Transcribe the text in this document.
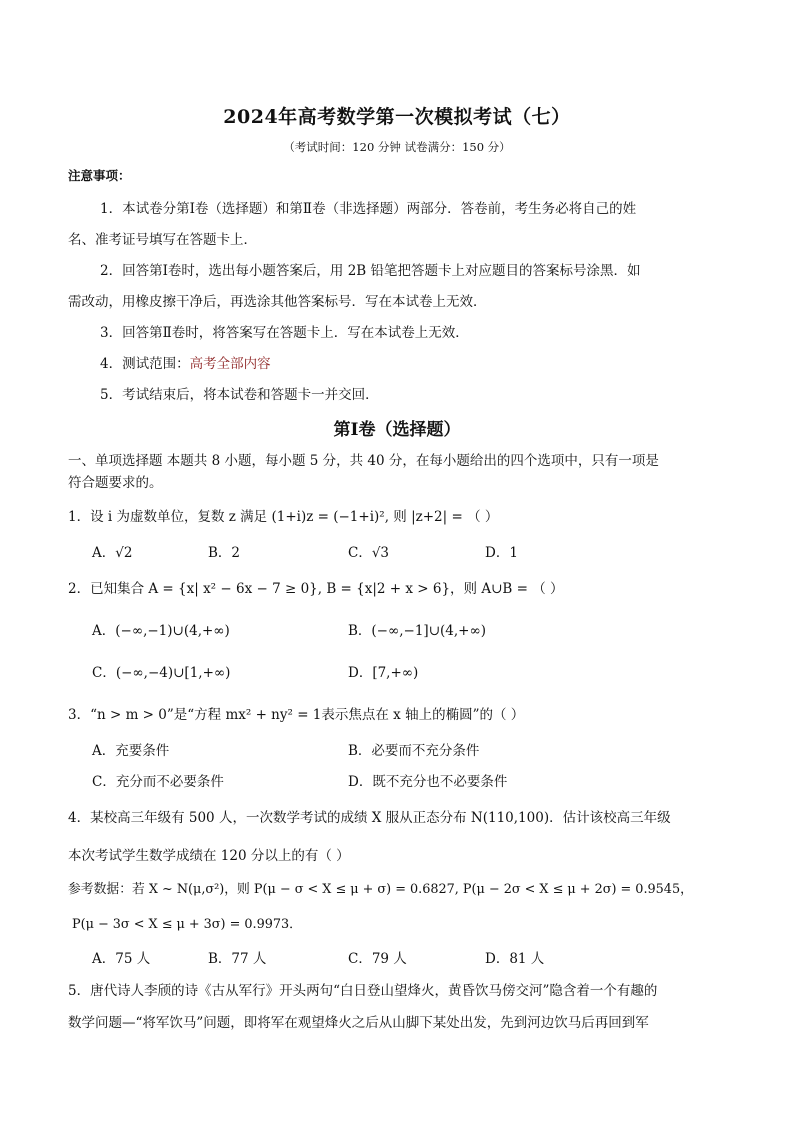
2024年高考数学第一次模拟考试（七）
（考试时间：120 分钟 试卷满分：150 分）
注意事项：
1．本试卷分第Ⅰ卷（选择题）和第Ⅱ卷（非选择题）两部分．答卷前，考生务必将自己的姓
名、准考证号填写在答题卡上．
2．回答第Ⅰ卷时，选出每小题答案后，用 2B 铅笔把答题卡上对应题目的答案标号涂黑．如
需改动，用橡皮擦干净后，再选涂其他答案标号．写在本试卷上无效．
3．回答第Ⅱ卷时，将答案写在答题卡上．写在本试卷上无效．
4．测试范围：高考全部内容
5．考试结束后，将本试卷和答题卡一并交回．
第Ⅰ卷（选择题）
一、单项选择题 本题共 8 小题，每小题 5 分，共 40 分，在每小题给出的四个选项中，只有一项是
符合题要求的。
1．设 i 为虚数单位，复数 z 满足 (1+i)z = (−1+i)², 则 |z+2| = （ ）
A．√2	B．2	C．√3	D．1
2．已知集合 A = {x| x² − 6x − 7 ≥ 0}, B = {x|2 + x > 6}，则 A∪B = （ ）
A．(−∞,−1)∪(4,+∞)	B．(−∞,−1]∪(4,+∞)
C．(−∞,−4)∪[1,+∞)	D．[7,+∞)
3．“n > m > 0”是“方程 mx² + ny² = 1表示焦点在 x 轴上的椭圆”的（ ）
A．充要条件	B．必要而不充分条件
C．充分而不必要条件	D．既不充分也不必要条件
4．某校高三年级有 500 人，一次数学考试的成绩 X 服从正态分布 N(110,100)．估计该校高三年级
本次考试学生数学成绩在 120 分以上的有（ ）
参考数据：若 X ~ N(μ,σ²)，则 P(μ − σ < X ≤ μ + σ) = 0.6827, P(μ − 2σ < X ≤ μ + 2σ) = 0.9545，
P(μ − 3σ < X ≤ μ + 3σ) = 0.9973．
A．75 人	B．77 人	C．79 人	D．81 人
5．唐代诗人李颀的诗《古从军行》开头两句“白日登山望烽火，黄昏饮马傍交河”隐含着一个有趣的
数学问题—“将军饮马”问题，即将军在观望烽火之后从山脚下某处出发，先到河边饮马后再回到军
